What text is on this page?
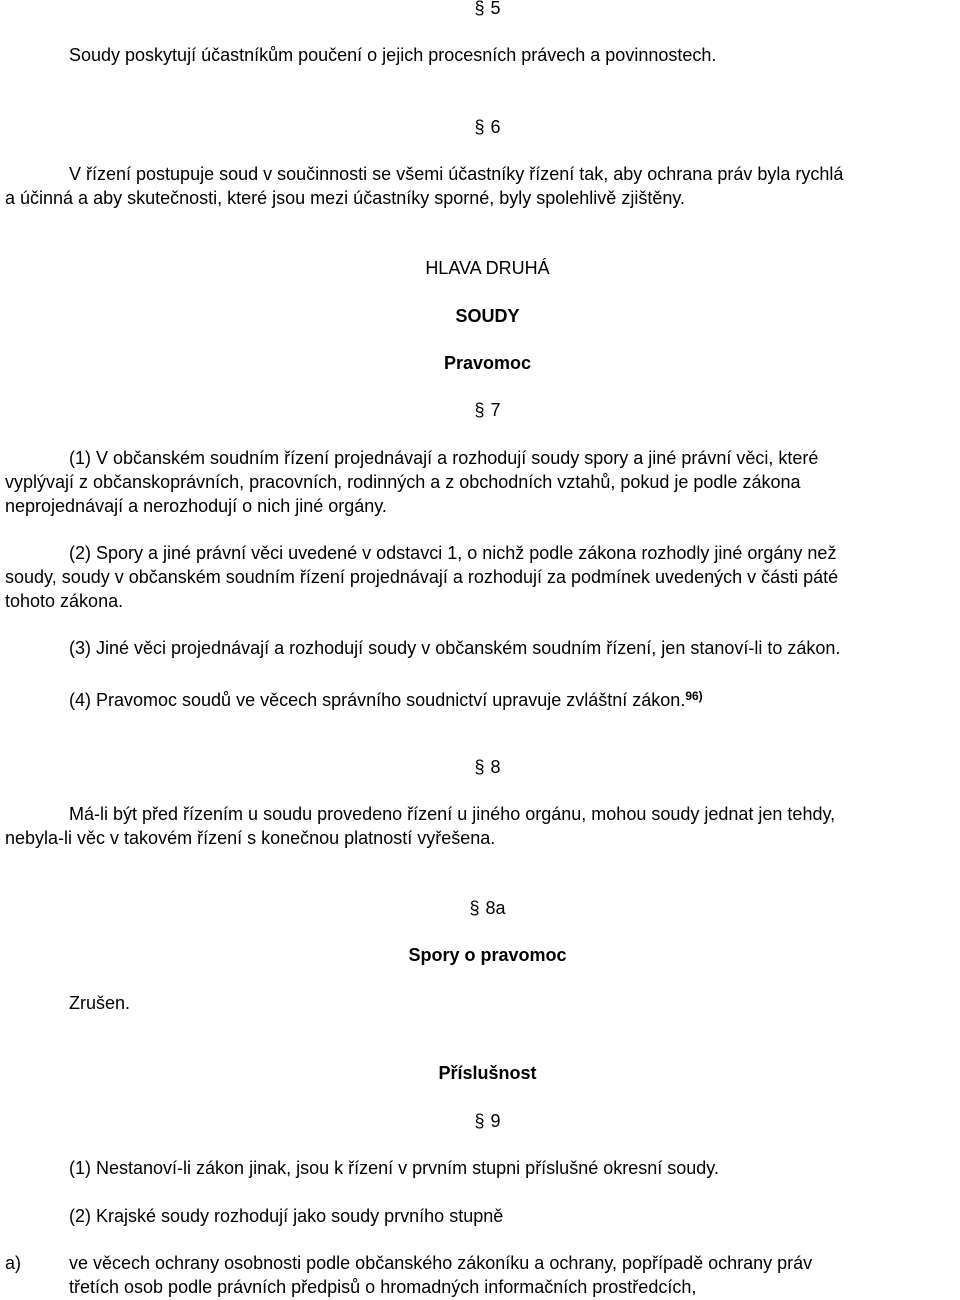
§ 5
Soudy poskytují účastníkům poučení o jejich procesních právech a povinnostech.
§ 6
V řízení postupuje soud v součinnosti se všemi účastníky řízení tak, aby ochrana práv byla rychlá
a účinná a aby skutečnosti, které jsou mezi účastníky sporné, byly spolehlivě zjištěny.
HLAVA DRUHÁ
SOUDY
Pravomoc
§ 7
(1) V občanském soudním řízení projednávají a rozhodují soudy spory a jiné právní věci, které
vyplývají z občanskoprávních, pracovních, rodinných a z obchodních vztahů, pokud je podle zákona
neprojednávají a nerozhodují o nich jiné orgány.
(2) Spory a jiné právní věci uvedené v odstavci 1, o nichž podle zákona rozhodly jiné orgány než
soudy, soudy v občanském soudním řízení projednávají a rozhodují za podmínek uvedených v části páté
tohoto zákona.
(3) Jiné věci projednávají a rozhodují soudy v občanském soudním řízení, jen stanoví-li to zákon.
(4) Pravomoc soudů ve věcech správního soudnictví upravuje zvláštní zákon.$^{96)}$
§ 8
Má-li být před řízením u soudu provedeno řízení u jiného orgánu, mohou soudy jednat jen tehdy,
nebyla-li věc v takovém řízení s konečnou platností vyřešena.
§ 8a
Spory o pravomoc
Zrušen.
Příslušnost
§ 9
(1) Nestanoví-li zákon jinak, jsou k řízení v prvním stupni příslušné okresní soudy.
(2) Krajské soudy rozhodují jako soudy prvního stupně
a)	ve věcech ochrany osobnosti podle občanského zákoníku a ochrany, popřípadě ochrany práv
třetích osob podle právních předpisů o hromadných informačních prostředcích,
